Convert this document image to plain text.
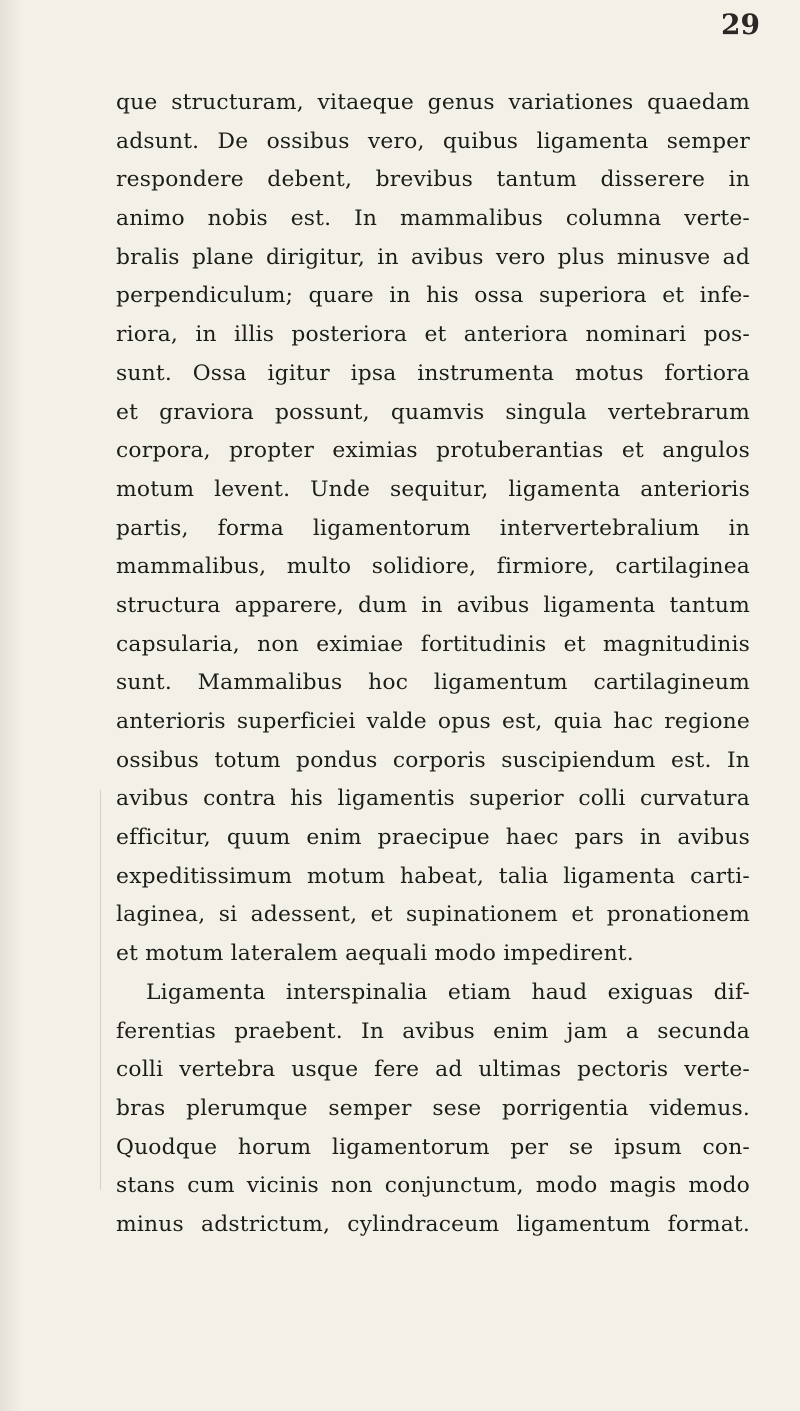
29
que structuram, vitaeque genus variationes quaedam
adsunt. De ossibus vero, quibus ligamenta semper
respondere debent, brevibus tantum disserere in
animo nobis est. In mammalibus columna verte-
bralis plane dirigitur, in avibus vero plus minusve ad
perpendiculum; quare in his ossa superiora et infe-
riora, in illis posteriora et anteriora nominari pos-
sunt. Ossa igitur ipsa instrumenta motus fortiora
et graviora possunt, quamvis singula vertebrarum
corpora, propter eximias protuberantias et angulos
motum levent. Unde sequitur, ligamenta anterioris
partis, forma ligamentorum intervertebralium in
mammalibus, multo solidiore, firmiore, cartilaginea
structura apparere, dum in avibus ligamenta tantum
capsularia, non eximiae fortitudinis et magnitudinis
sunt. Mammalibus hoc ligamentum cartilagineum
anterioris superficiei valde opus est, quia hac regione
ossibus totum pondus corporis suscipiendum est. In
avibus contra his ligamentis superior colli curvatura
efficitur, quum enim praecipue haec pars in avibus
expeditissimum motum habeat, talia ligamenta carti-
laginea, si adessent, et supinationem et pronationem
et motum lateralem aequali modo impedirent.
Ligamenta interspinalia etiam haud exiguas dif-
ferentias praebent. In avibus enim jam a secunda
colli vertebra usque fere ad ultimas pectoris verte-
bras plerumque semper sese porrigentia videmus.
Quodque horum ligamentorum per se ipsum con-
stans cum vicinis non conjunctum, modo magis modo
minus adstrictum, cylindraceum ligamentum format.
